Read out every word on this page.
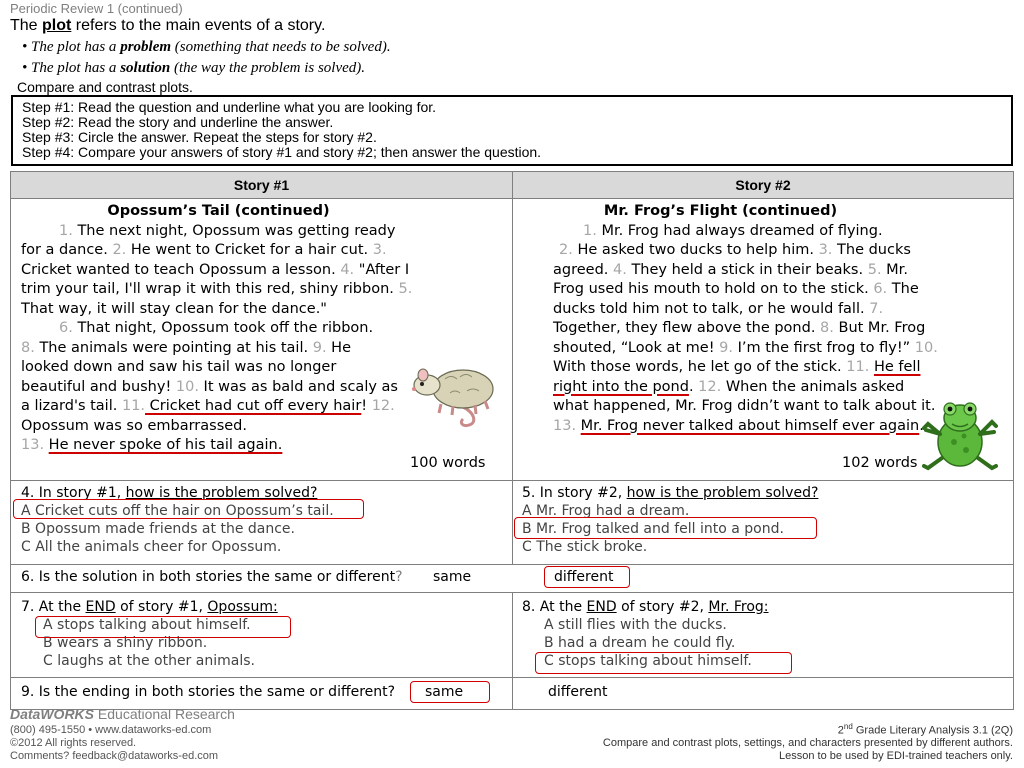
Periodic Review 1 (continued)
The plot refers to the main events of a story.
• The plot has a problem (something that needs to be solved).
• The plot has a solution (the way the problem is solved).
Compare and contrast plots.
Step #1: Read the question and underline what you are looking for.
Step #2: Read the story and underline the answer.
Step #3: Circle the answer. Repeat the steps for story #2.
Step #4: Compare your answers of story #1 and story #2; then answer the question.
Story #1	Story #2
Opossum’s Tail (continued)
1. The next night, Opossum was getting ready for a dance. 2. He went to Cricket for a hair cut. 3. Cricket wanted to teach Opossum a lesson. 4. "After I trim your tail, I'll wrap it with this red, shiny ribbon. 5. That way, it will stay clean for the dance."
6. That night, Opossum took off the ribbon.
8. The animals were pointing at his tail. 9. He looked down and saw his tail was no longer beautiful and bushy! 10. It was as bald and scaly as a lizard's tail. 11. Cricket had cut off every hair! 12. Opossum was so embarrassed.
13. He never spoke of his tail again.
100 words
Mr. Frog’s Flight (continued)
1. Mr. Frog had always dreamed of flying.
2. He asked two ducks to help him. 3. The ducks agreed. 4. They held a stick in their beaks. 5. Mr. Frog used his mouth to hold on to the stick. 6. The ducks told him not to talk, or he would fall. 7. Together, they flew above the pond. 8. But Mr. Frog shouted, “Look at me! 9. I’m the first frog to fly!” 10. With those words, he let go of the stick. 11. He fell right into the pond. 12. When the animals asked what happened, Mr. Frog didn’t want to talk about it. 13. Mr. Frog never talked about himself ever again.
102 words
4. In story #1, how is the problem solved?
A Cricket cuts off the hair on Opossum’s tail.
B Opossum made friends at the dance.
C All the animals cheer for Opossum.
5. In story #2, how is the problem solved?
A Mr. Frog had a dream.
B Mr. Frog talked and fell into a pond.
C The stick broke.
6. Is the solution in both stories the same or different? same	different
7. At the END of story #1, Opossum:
A stops talking about himself.
B wears a shiny ribbon.
C laughs at the other animals.
8. At the END of story #2, Mr. Frog:
A still flies with the ducks.
B had a dream he could fly.
C stops talking about himself.
9. Is the ending in both stories the same or different? same	different
DataWORKS Educational Research
(800) 495-1550 • www.dataworks-ed.com
©2012 All rights reserved.
Comments? feedback@dataworks-ed.com
2nd Grade Literary Analysis 3.1 (2Q)
Compare and contrast plots, settings, and characters presented by different authors.
Lesson to be used by EDI-trained teachers only.
